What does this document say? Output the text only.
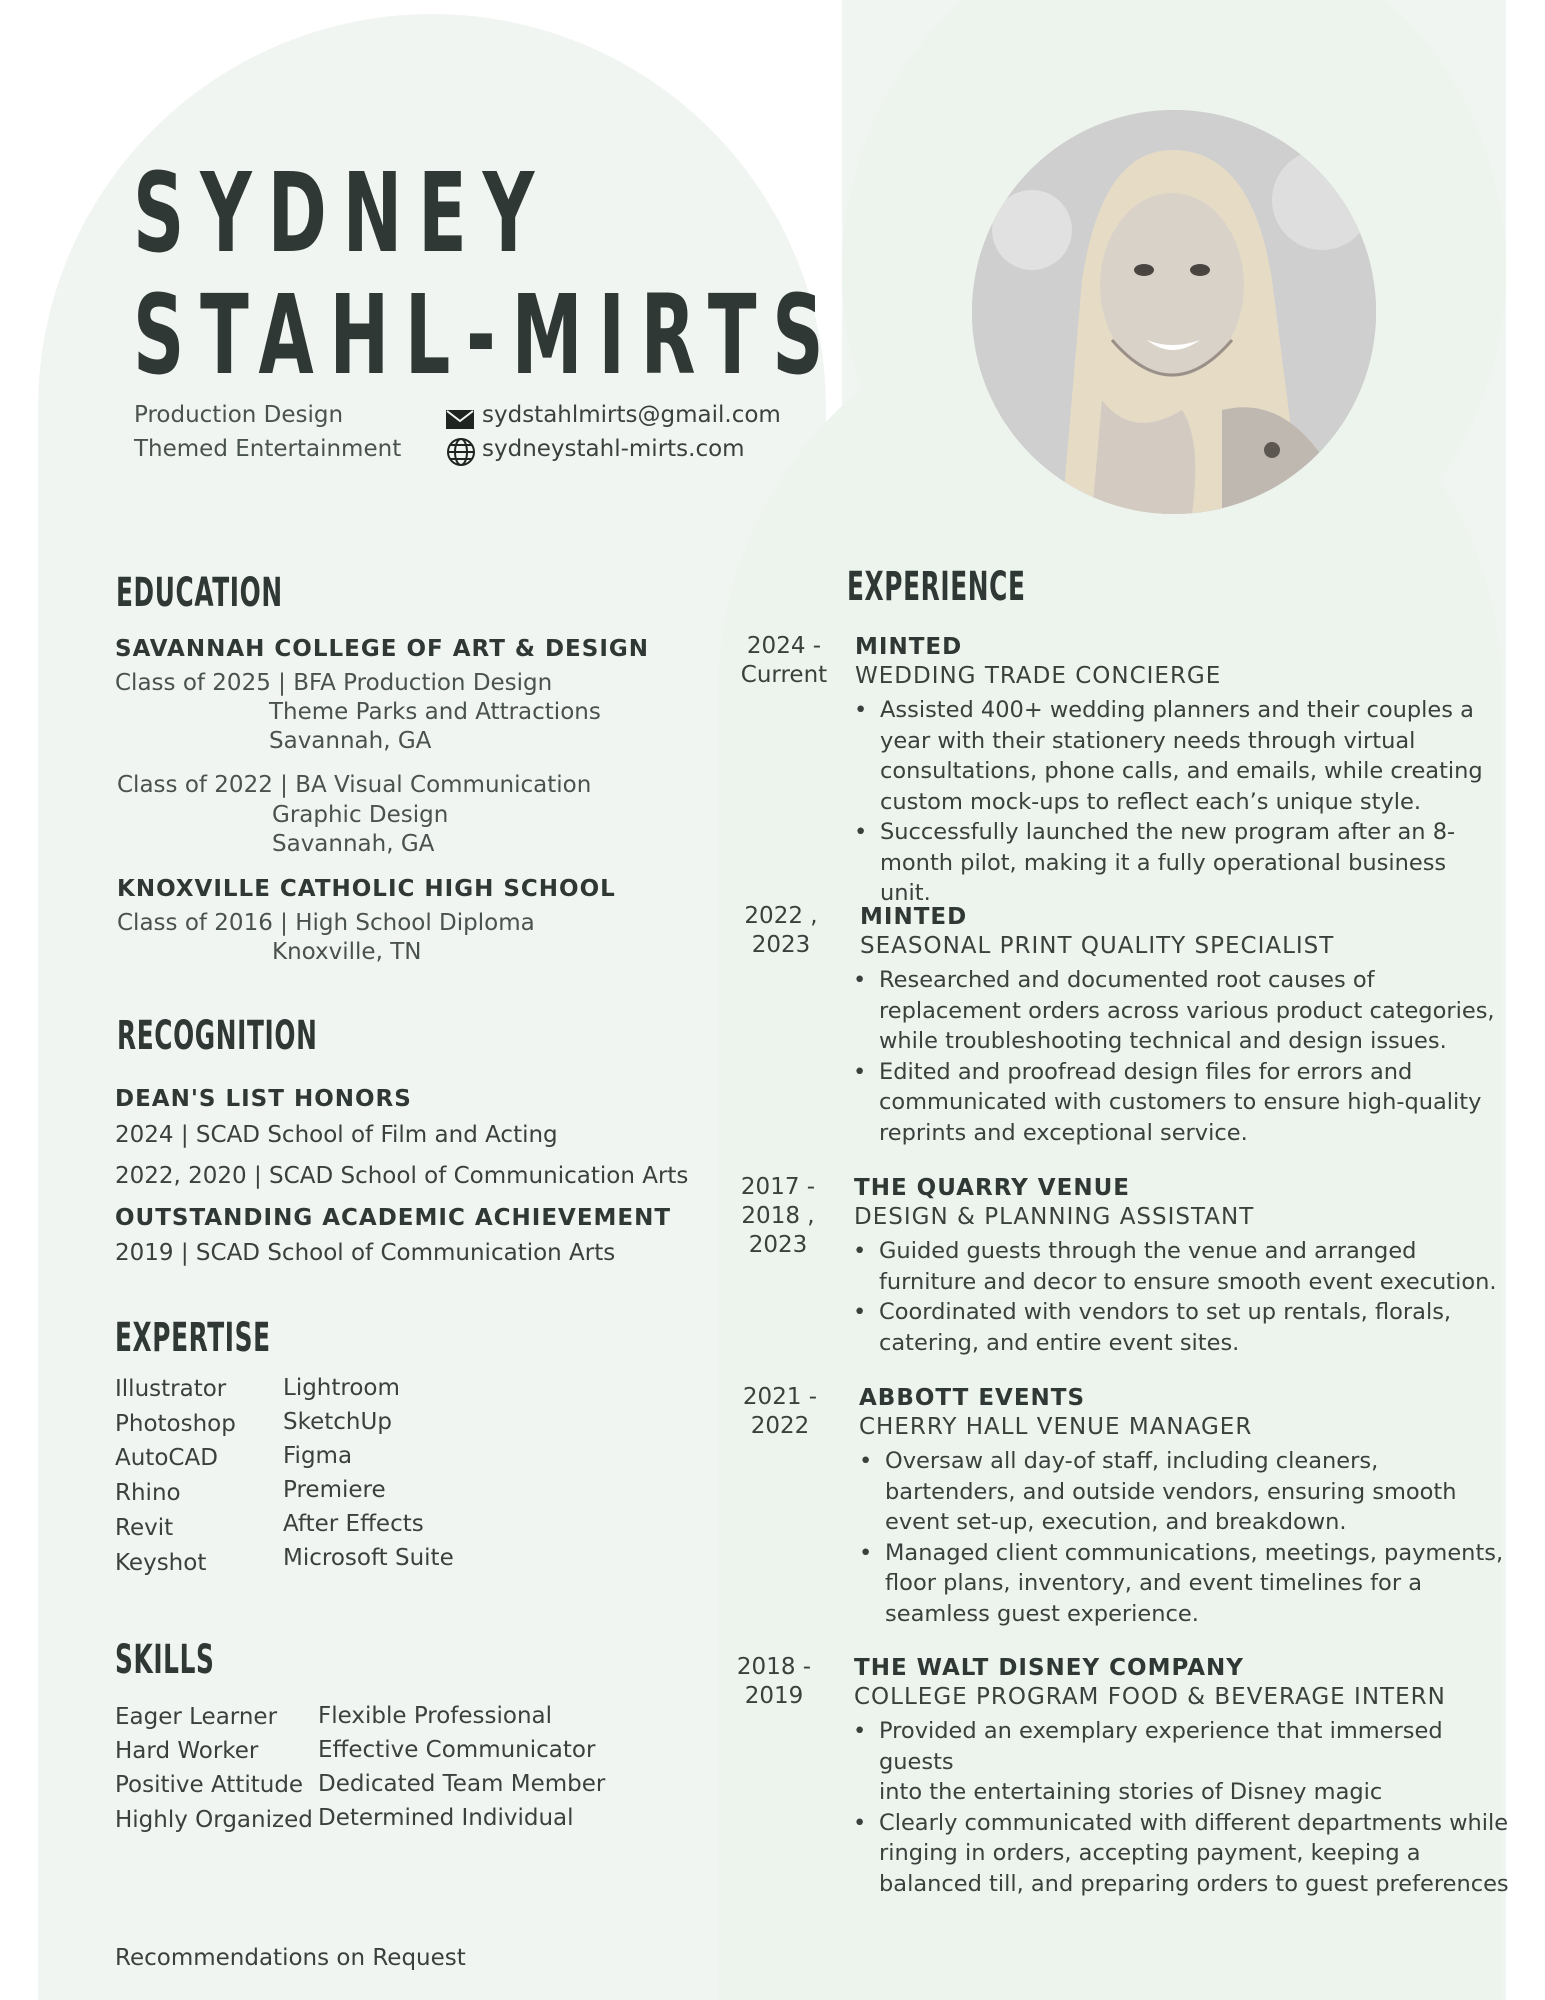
SYDNEY
STAHL-MIRTS
Production Design
Themed Entertainment
sydstahlmirts@gmail.com
sydneystahl-mirts.com
EDUCATION
SAVANNAH COLLEGE OF ART & DESIGN
Class of 2025 | BFA Production Design
Theme Parks and Attractions
Savannah, GA
Class of 2022 | BA Visual Communication
Graphic Design
Savannah, GA
KNOXVILLE CATHOLIC HIGH SCHOOL
Class of 2016 | High School Diploma
Knoxville, TN
RECOGNITION
DEAN'S LIST HONORS
2024 | SCAD School of Film and Acting
2022, 2020 | SCAD School of Communication Arts
OUTSTANDING ACADEMIC ACHIEVEMENT
2019 | SCAD School of Communication Arts
EXPERTISE
Illustrator
Photoshop
AutoCAD
Rhino
Revit
Keyshot
Lightroom
SketchUp
Figma
Premiere
After Effects
Microsoft Suite
SKILLS
Eager Learner
Hard Worker
Positive Attitude
Highly Organized
Flexible Professional
Effective Communicator
Dedicated Team Member
Determined Individual
Recommendations on Request
EXPERIENCE
2024 -
Current
MINTED
WEDDING TRADE CONCIERGE
• Assisted 400+ wedding planners and their couples a
year with their stationery needs through virtual
consultations, phone calls, and emails, while creating
custom mock-ups to reflect each’s unique style.
• Successfully launched the new program after an 8-
month pilot, making it a fully operational business unit.
2022 ,
2023
MINTED
SEASONAL PRINT QUALITY SPECIALIST
• Researched and documented root causes of
replacement orders across various product categories,
while troubleshooting technical and design issues.
• Edited and proofread design files for errors and
communicated with customers to ensure high-quality
reprints and exceptional service.
2017 -
2018 ,
2023
THE QUARRY VENUE
DESIGN & PLANNING ASSISTANT
• Guided guests through the venue and arranged
furniture and decor to ensure smooth event execution.
• Coordinated with vendors to set up rentals, florals,
catering, and entire event sites.
2021 -
2022
ABBOTT EVENTS
CHERRY HALL VENUE MANAGER
• Oversaw all day-of staff, including cleaners,
bartenders, and outside vendors, ensuring smooth
event set-up, execution, and breakdown.
• Managed client communications, meetings, payments,
floor plans, inventory, and event timelines for a
seamless guest experience.
2018 -
2019
THE WALT DISNEY COMPANY
COLLEGE PROGRAM FOOD & BEVERAGE INTERN
• Provided an exemplary experience that immersed guests
into the entertaining stories of Disney magic
• Clearly communicated with different departments while
ringing in orders, accepting payment, keeping a
balanced till, and preparing orders to guest preferences
